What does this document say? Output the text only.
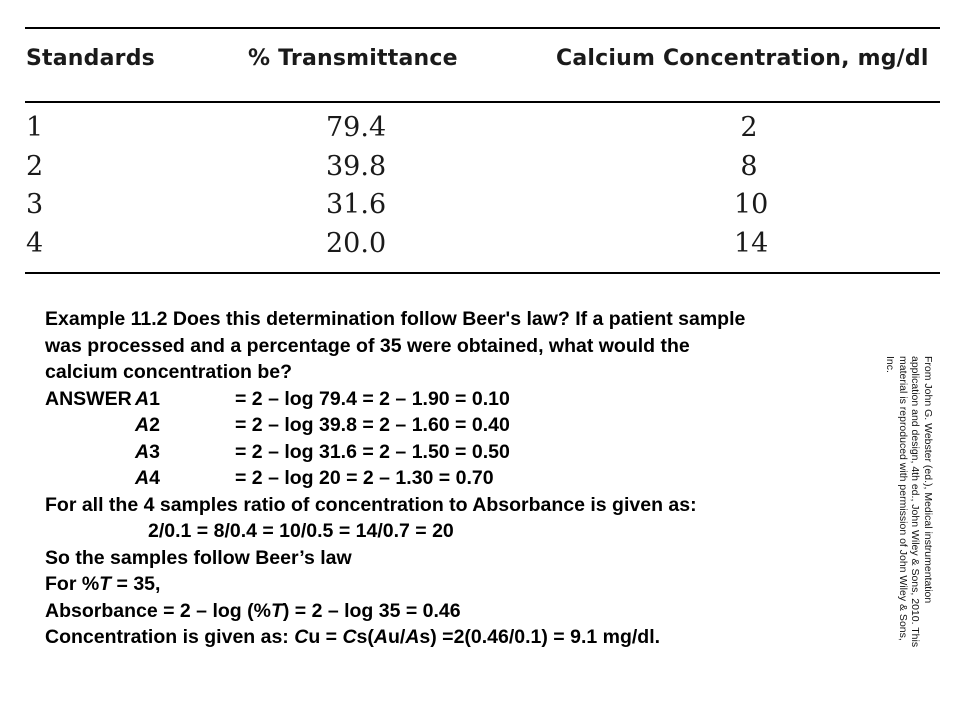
Standards	% Transmittance	Calcium Concentration, mg/dl
1	79.4	2
2	39.8	8
3	31.6	10
4	20.0	14
Example 11.2 Does this determination follow Beer's law? If a patient sample
was processed and a percentage of 35 were obtained, what would the
calcium concentration be?
ANSWER A1	= 2 – log 79.4 = 2 – 1.90 = 0.10
A2	= 2 – log 39.8 = 2 – 1.60 = 0.40
A3	= 2 – log 31.6 = 2 – 1.50 = 0.50
A4	= 2 – log 20 = 2 – 1.30 = 0.70
For all the 4 samples ratio of concentration to Absorbance is given as:
2/0.1 = 8/0.4 = 10/0.5 = 14/0.7 = 20
So the samples follow Beer’s law
For %T = 35,
Absorbance = 2 – log (%T) = 2 – log 35 = 0.46
Concentration is given as: Cu = Cs(Au/As) =2(0.46/0.1) = 9.1 mg/dl.
From John G. Webster (ed.), Medical instrumentation
application and design, 4th ed., John Wiley & Sons, 2010. This
material is reproduced with permission of John Wiley & Sons,
Inc.
